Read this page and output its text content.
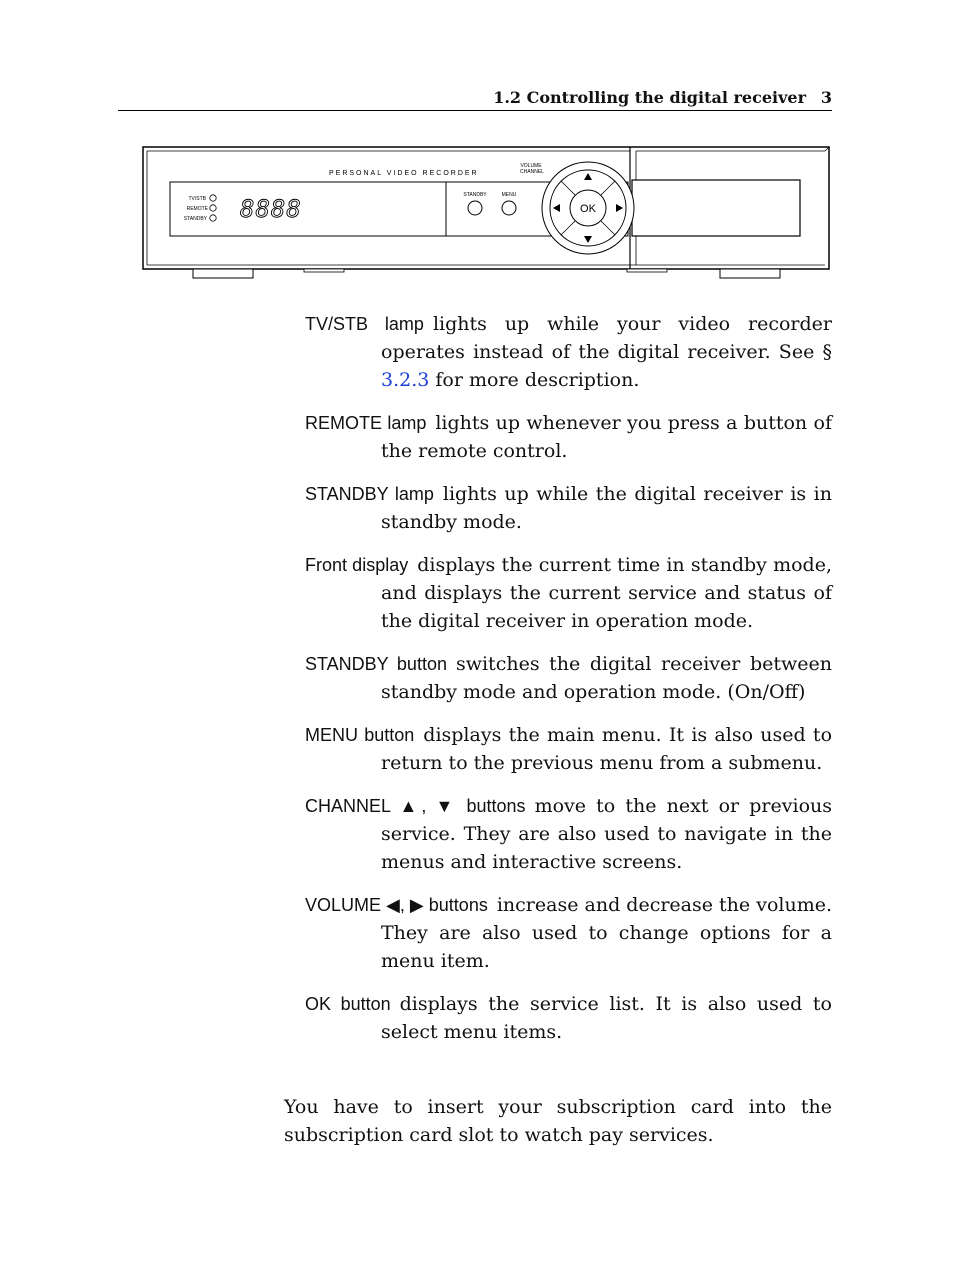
1.2 Controlling the digital receiver 3
PERSONAL VIDEO RECORDER
TV/STB
REMOTE
STANDBY 8888	STANDBY	MENU
VOLUME
CHANNEL
OK
TV/STB lamp lights up while your video recorder operates instead of the digital receiver. See § 3.2.3 for more description.
REMOTE lamp lights up whenever you press a button of the remote control.
STANDBY lamp lights up while the digital receiver is in standby mode.
Front display displays the current time in standby mode, and displays the current service and status of the digital receiver in operation mode.
STANDBY button switches the digital receiver between standby mode and operation mode. (On/Off)
MENU button displays the main menu. It is also used to return to the previous menu from a submenu.
CHANNEL ▲, ▼ buttons move to the next or previous service. They are also used to navigate in the menus and interactive screens.
VOLUME ◀, ▶ buttons increase and decrease the volume. They are also used to change options for a menu item.
OK button displays the service list. It is also used to select menu items.

You have to insert your subscription card into the subscription card slot to watch pay services.
